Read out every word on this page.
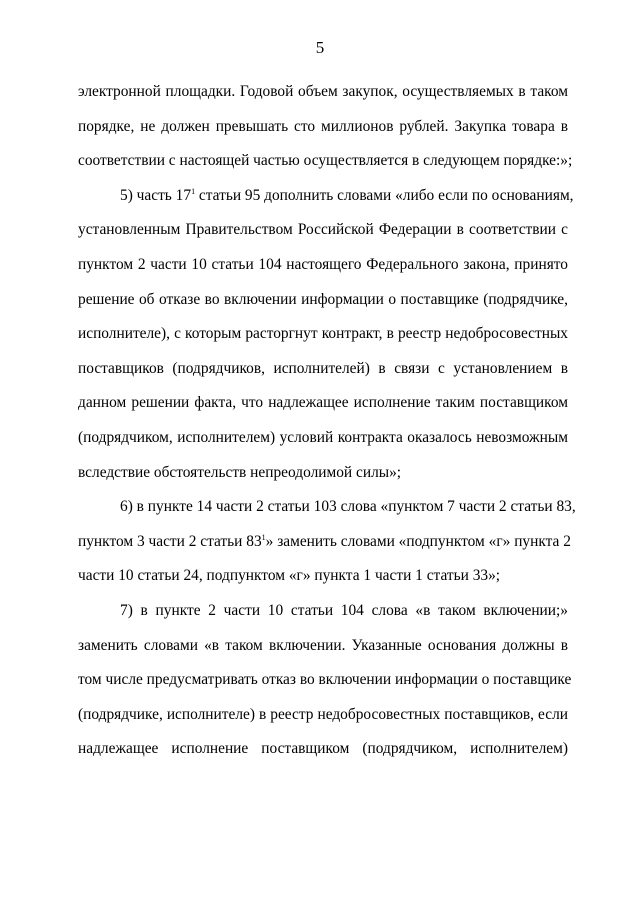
5
электронной площадки. Годовой объем закупок, осуществляемых в таком
порядке, не должен превышать сто миллионов рублей. Закупка товара в
соответствии с настоящей частью осуществляется в следующем порядке:»;
5) часть $17^1$ статьи 95 дополнить словами «либо если по основаниям,
установленным Правительством Российской Федерации в соответствии с
пунктом 2 части 10 статьи 104 настоящего Федерального закона, принято
решение об отказе во включении информации о поставщике (подрядчике,
исполнителе), с которым расторгнут контракт, в реестр недобросовестных
поставщиков (подрядчиков, исполнителей) в связи с установлением в
данном решении факта, что надлежащее исполнение таким поставщиком
(подрядчиком, исполнителем) условий контракта оказалось невозможным
вследствие обстоятельств непреодолимой силы»;
6) в пункте 14 части 2 статьи 103 слова «пунктом 7 части 2 статьи 83,
пунктом 3 части 2 статьи $83^1$» заменить словами «подпунктом «г» пункта 2
части 10 статьи 24, подпунктом «г» пункта 1 части 1 статьи 33»;
7) в пункте 2 части 10 статьи 104 слова «в таком включении;»
заменить словами «в таком включении. Указанные основания должны в
том числе предусматривать отказ во включении информации о поставщике
(подрядчике, исполнителе) в реестр недобросовестных поставщиков, если
надлежащее исполнение поставщиком (подрядчиком, исполнителем)
